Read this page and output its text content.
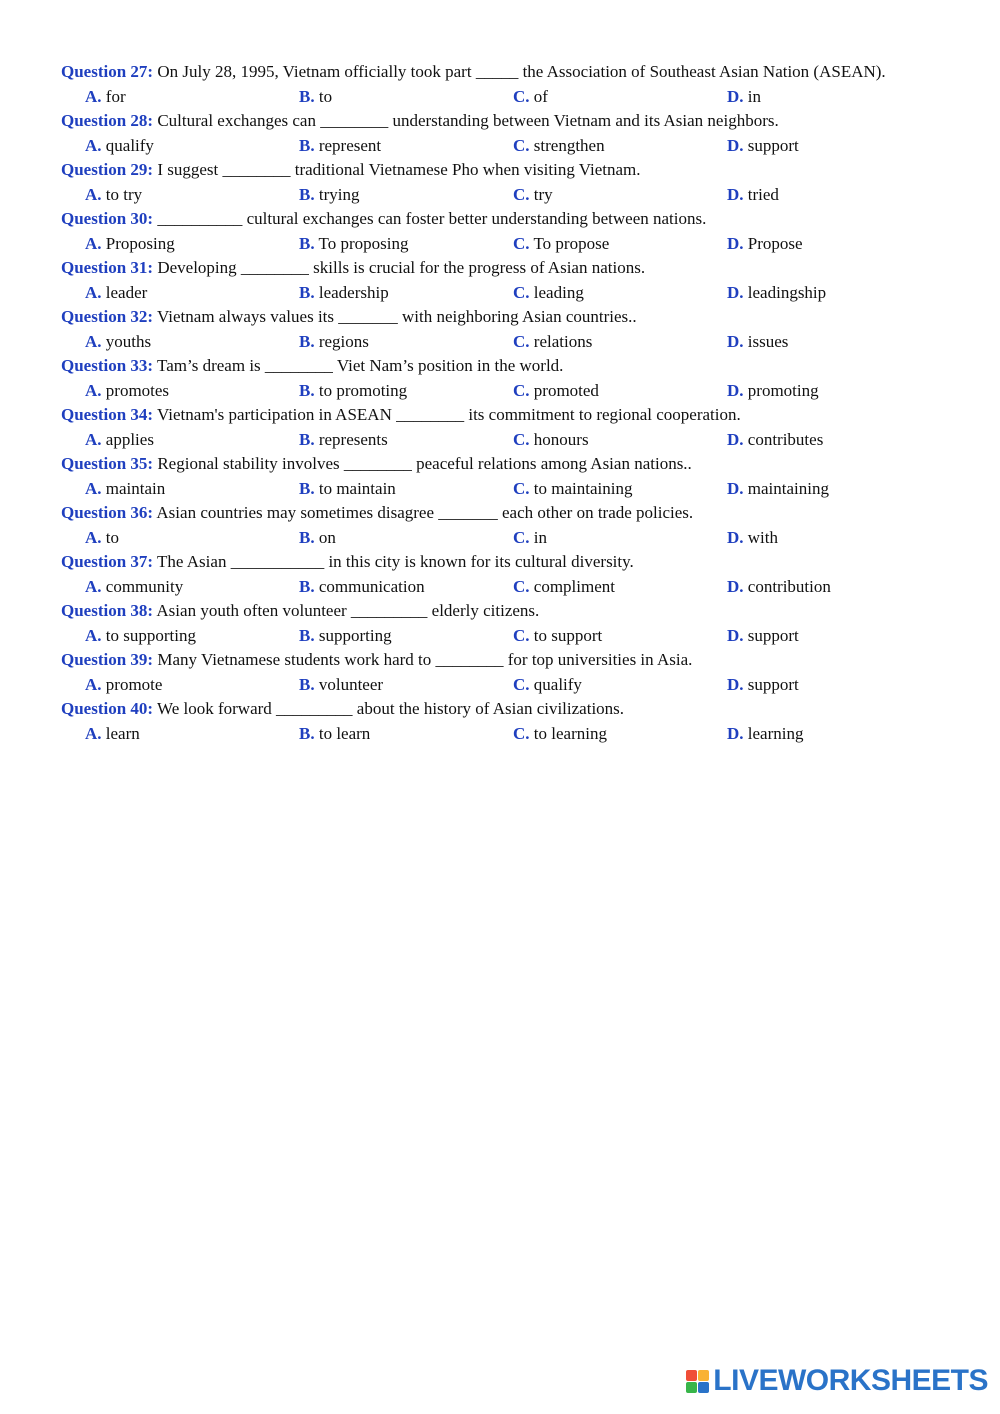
Question 27: On July 28, 1995, Vietnam officially took part _____ the Association of Southeast Asian Nation (ASEAN).
A. for	B. to	C. of	D. in
Question 28: Cultural exchanges can ________ understanding between Vietnam and its Asian neighbors.
A. qualify	B. represent	C. strengthen	D. support
Question 29: I suggest ________ traditional Vietnamese Pho when visiting Vietnam.
A. to try	B. trying	C. try	D. tried
Question 30: __________ cultural exchanges can foster better understanding between nations.
A. Proposing	B. To proposing	C. To propose	D. Propose
Question 31: Developing ________ skills is crucial for the progress of Asian nations.
A. leader	B. leadership	C. leading	D. leadingship
Question 32: Vietnam always values its _______ with neighboring Asian countries..
A. youths	B. regions	C. relations	D. issues
Question 33: Tam’s dream is ________ Viet Nam’s position in the world.
A. promotes	B. to promoting	C. promoted	D. promoting
Question 34: Vietnam's participation in ASEAN ________ its commitment to regional cooperation.
A. applies	B. represents	C. honours	D. contributes
Question 35: Regional stability involves ________ peaceful relations among Asian nations..
A. maintain	B. to maintain	C. to maintaining	D. maintaining
Question 36: Asian countries may sometimes disagree _______ each other on trade policies.
A. to	B. on	C. in	D. with
Question 37: The Asian ___________ in this city is known for its cultural diversity.
A. community	B. communication	C. compliment	D. contribution
Question 38: Asian youth often volunteer _________ elderly citizens.
A. to supporting	B. supporting	C. to support	D. support
Question 39: Many Vietnamese students work hard to ________ for top universities in Asia.
A. promote	B. volunteer	C. qualify	D. support
Question 40: We look forward _________ about the history of Asian civilizations.
A. learn	B. to learn	C. to learning	D. learning
LIVEWORKSHEETS
